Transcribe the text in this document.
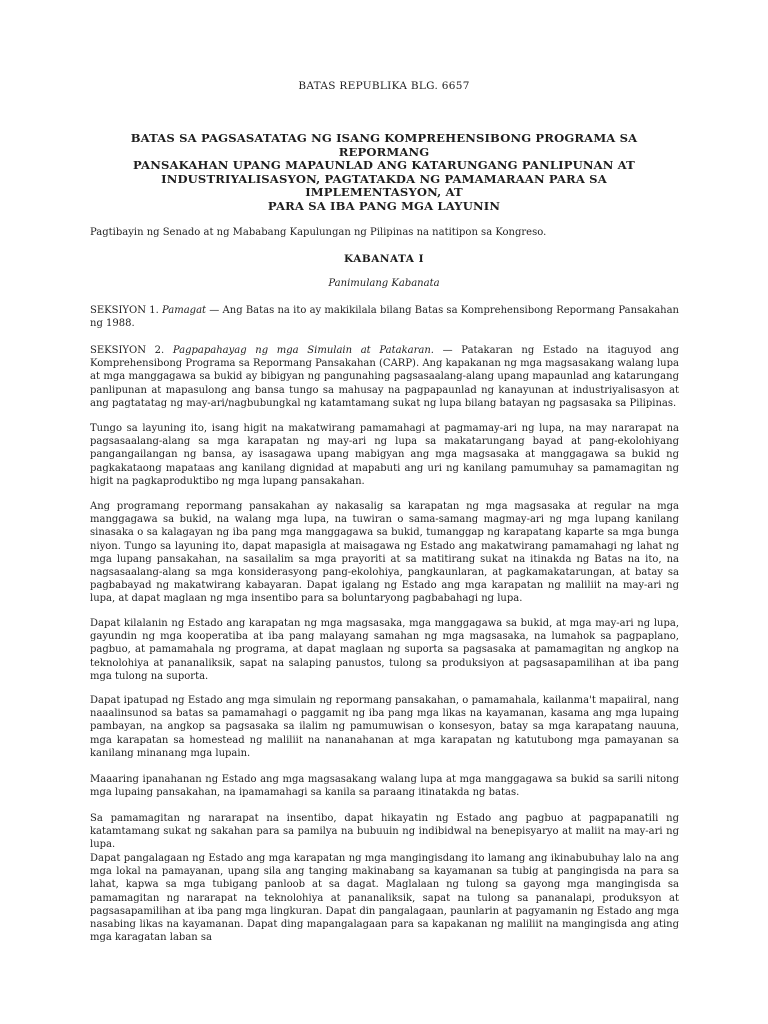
BATAS REPUBLIKA BLG. 6657
BATAS SA PAGSASATATAG NG ISANG KOMPREHENSIBONG PROGRAMA SA REPORMANG
PANSAKAHAN UPANG MAPAUNLAD ANG KATARUNGANG PANLIPUNAN AT
INDUSTRIYALISASYON, PAGTATAKDA NG PAMAMARAAN PARA SA IMPLEMENTASYON, AT
PARA SA IBA PANG MGA LAYUNIN
Pagtibayin ng Senado at ng Mababang Kapulungan ng Pilipinas na natitipon sa Kongreso.
KABANATA I
Panimulang Kabanata

SEKSIYON 1. Pamagat — Ang Batas na ito ay makikilala bilang Batas sa Komprehensibong Repormang Pansakahan ng 1988.

SEKSIYON 2. Pagpapahayag ng mga Simulain at Patakaran. — Patakaran ng Estado na itaguyod ang Komprehensibong Programa sa Repormang Pansakahan (CARP). Ang kapakanan ng mga magsasakang walang lupa at mga manggagawa sa bukid ay bibigyan ng pangunahing pagsasaalang-alang upang mapaunlad ang katarungang panlipunan at mapasulong ang bansa tungo sa mahusay na pagpapaunlad ng kanayunan at industriyalisasyon at ang pagtatatag ng may-ari/nagbubungkal ng katamtamang sukat ng lupa bilang batayan ng pagsasaka sa Pilipinas.

Tungo sa layuning ito, isang higit na makatwirang pamamahagi at pagmamay-ari ng lupa, na may nararapat na pagsasaalang-alang sa mga karapatan ng may-ari ng lupa sa makatarungang bayad at pang-ekolohiyang pangangailangan ng bansa, ay isasagawa upang mabigyan ang mga magsasaka at manggagawa sa bukid ng pagkakataong mapataas ang kanilang dignidad at mapabuti ang uri ng kanilang pamumuhay sa pamamagitan ng higit na pagkaproduktibo ng mga lupang pansakahan.

Ang programang repormang pansakahan ay nakasalig sa karapatan ng mga magsasaka at regular na mga manggagawa sa bukid, na walang mga lupa, na tuwiran o sama-samang magmay-ari ng mga lupang kanilang sinasaka o sa kalagayan ng iba pang mga manggagawa sa bukid, tumanggap ng karapatang kaparte sa mga bunga niyon. Tungo sa layuning ito, dapat mapasigla at maisagawa ng Estado ang makatwirang pamamahagi ng lahat ng mga lupang pansakahan, na sasailalim sa mga prayoriti at sa matitirang sukat na itinakda ng Batas na ito, na nagsasaalang-alang sa mga konsiderasyong pang-ekolohiya, pangkaunlaran, at pagkamakatarungan, at batay sa pagbabayad ng makatwirang kabayaran. Dapat igalang ng Estado ang mga karapatan ng maliliit na may-ari ng lupa, at dapat maglaan ng mga insentibo para sa boluntaryong pagbabahagi ng lupa.

Dapat kilalanin ng Estado ang karapatan ng mga magsasaka, mga manggagawa sa bukid, at mga may-ari ng lupa, gayundin ng mga kooperatiba at iba pang malayang samahan ng mga magsasaka, na lumahok sa pagpaplano, pagbuo, at pamamahala ng programa, at dapat maglaan ng suporta sa pagsasaka at pamamagitan ng angkop na teknolohiya at pananaliksik, sapat na salaping panustos, tulong sa produksiyon at pagsasapamilihan at iba pang mga tulong na suporta.

Dapat ipatupad ng Estado ang mga simulain ng repormang pansakahan, o pamamahala, kailanma't mapaiiral, nang naaalinsunod sa batas sa pamamahagi o paggamit ng iba pang mga likas na kayamanan, kasama ang mga lupaing pambayan, na angkop sa pagsasaka sa ilalim ng pamumuwisan o konsesyon, batay sa mga karapatang nauuna, mga karapatan sa homestead ng maliliit na nananahanan at mga karapatan ng katutubong mga pamayanan sa kanilang minanang mga lupain.

Maaaring ipanahanan ng Estado ang mga magsasakang walang lupa at mga manggagawa sa bukid sa sarili nitong mga lupaing pansakahan, na ipamamahagi sa kanila sa paraang itinatakda ng batas.

Sa pamamagitan ng nararapat na insentibo, dapat hikayatin ng Estado ang pagbuo at pagpapanatili ng katamtamang sukat ng sakahan para sa pamilya na bubuuin ng indibidwal na benepisyaryo at maliit na may-ari ng lupa.

Dapat pangalagaan ng Estado ang mga karapatan ng mga mangingisdang ito lamang ang ikinabubuhay lalo na ang mga lokal na pamayanan, upang sila ang tanging makinabang sa kayamanan sa tubig at pangingisda na para sa lahat, kapwa sa mga tubigang panloob at sa dagat. Maglalaan ng tulong sa gayong mga mangingisda sa pamamagitan ng nararapat na teknolohiya at pananaliksik, sapat na tulong sa pananalapi, produksyon at pagsasapamilihan at iba pang mga lingkuran. Dapat din pangalagaan, paunlarin at pagyamanin ng Estado ang mga nasabing likas na kayamanan. Dapat ding mapangalagaan para sa kapakanan ng maliliit na mangingisda ang ating mga karagatan laban sa
